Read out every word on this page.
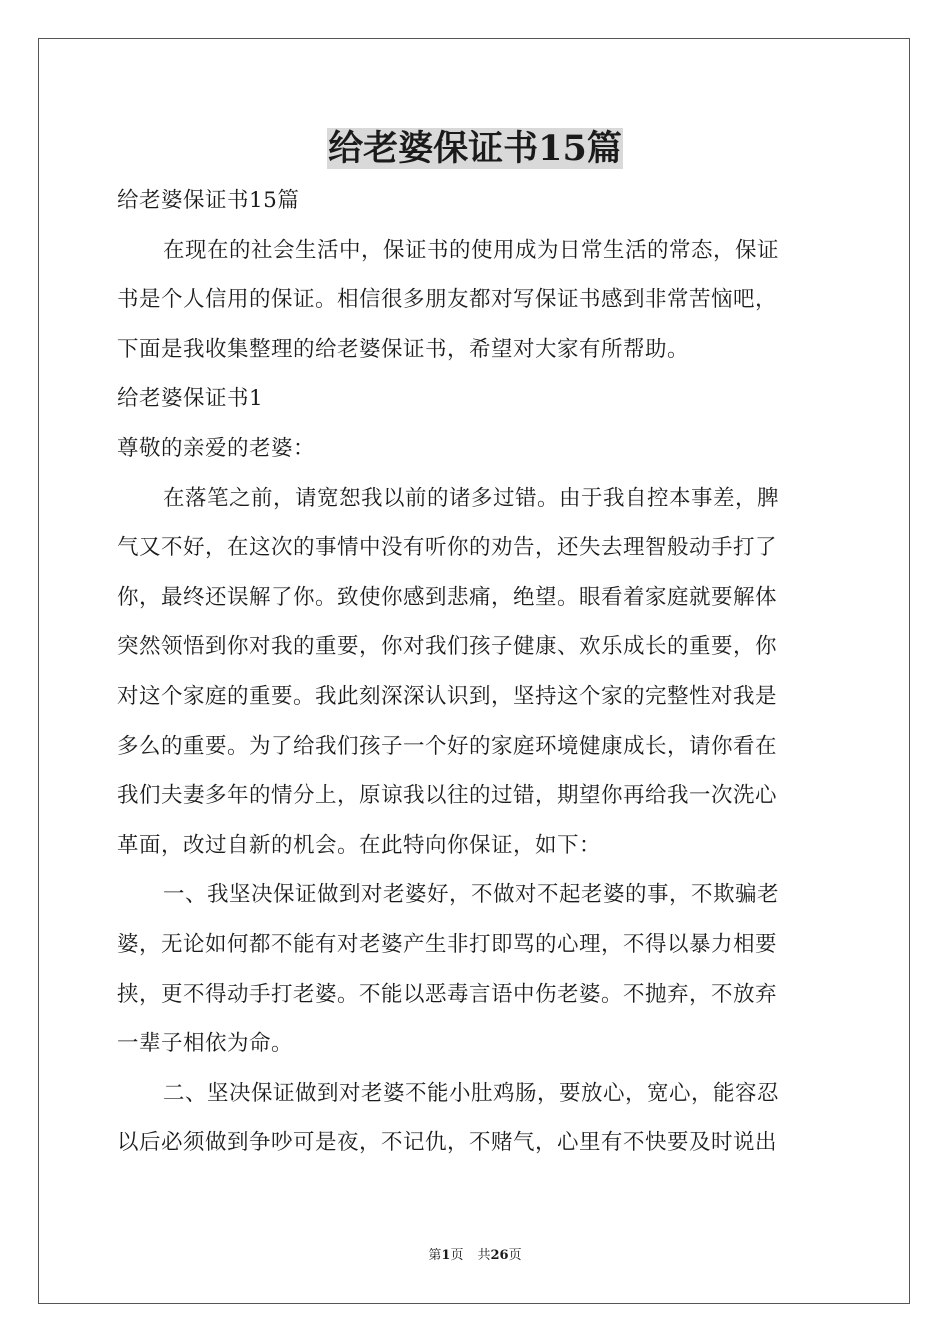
给老婆保证书15篇
给老婆保证书15篇
在现在的社会生活中，保证书的使用成为日常生活的常态，保证
书是个人信用的保证。相信很多朋友都对写保证书感到非常苦恼吧，
下面是我收集整理的给老婆保证书，希望对大家有所帮助。
给老婆保证书1
尊敬的亲爱的老婆：
在落笔之前，请宽恕我以前的诸多过错。由于我自控本事差，脾
气又不好，在这次的事情中没有听你的劝告，还失去理智般动手打了
你，最终还误解了你。致使你感到悲痛，绝望。眼看着家庭就要解体
突然领悟到你对我的重要，你对我们孩子健康、欢乐成长的重要，你
对这个家庭的重要。我此刻深深认识到，坚持这个家的完整性对我是
多么的重要。为了给我们孩子一个好的家庭环境健康成长，请你看在
我们夫妻多年的情分上，原谅我以往的过错，期望你再给我一次洗心
革面，改过自新的机会。在此特向你保证，如下：
一、我坚决保证做到对老婆好，不做对不起老婆的事，不欺骗老
婆，无论如何都不能有对老婆产生非打即骂的心理，不得以暴力相要
挟，更不得动手打老婆。不能以恶毒言语中伤老婆。不抛弃，不放弃
一辈子相依为命。
二、坚决保证做到对老婆不能小肚鸡肠，要放心，宽心，能容忍
以后必须做到争吵可是夜，不记仇，不赌气，心里有不快要及时说出
第1页 共26页
